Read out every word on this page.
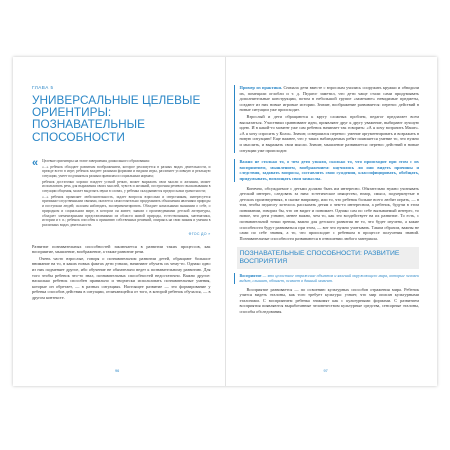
ГЛАВА 5
УНИВЕРСАЛЬНЫЕ ЦЕЛЕВЫЕ ОРИЕНТИРЫ: ПОЗНАВАТЕЛЬНЫЕ СПОСОБНОСТИ
« Целевые ориентиры на этапе завершения дошкольного образования:

«...» ребенок обладает развитым воображением, которое реализуется в разных видах деятельности, и прежде всего в игре; ребенок владеет разными формами и видами игры, различает условную и реальную ситуации, умеет подчиняться разным правилам и социальным нормам;

ребенок достаточно хорошо владеет устной речью, может выражать свои мысли и желания, может использовать речь для выражения своих мыслей, чувств и желаний, построения речевого высказывания в ситуации общения, может выделять звуки в словах, у ребенка складываются предпосылки грамотности;

«...» ребенок проявляет любознательность, задает вопросы взрослым и сверстникам, интересуется причинно-следственными связями, пытается самостоятельно придумывать объяснения явлениям природы и поступкам людей; склонен наблюдать, экспериментировать. Обладает начальными знаниями о себе, о природном и социальном мире, в котором он живет; знаком с произведениями детской литературы, обладает элементарными представлениями из области живой природы, естествознания, математики, истории и т. п.; ребенок способен к принятию собственных решений, опираясь на свои знания и умения в различных видах деятельности.

ФГОС ДО »

Развитие познавательных способностей заключается в развитии таких процессов, как восприятие, мышление, воображение, а также развитие речи.

Очень часто взрослые, говоря о познавательном развитии детей, обращают большое внимание на то, в каких новых фактах дети узнали, начинают обучать их чему-то. Однако одно из них подменяет другое, ибо обучение не обязательно ведет к познавательному развитию. Для того чтобы ребенок что-то знал, познавательных способностей недостаточно. Важно другое: насколько ребенок способен правильно и творчески использовать познавательные умения, которые он обретает, — в разных ситуациях. Настоящее развитие — это формирование у ребенка способов действия в ситуации, отличающейся от того, в которой ребенок обучался, — в другом контексте.

96

Пример из практики. Сначала дети вместе с взрослым учились сооружать кружки и обводили их, помещали оглобли и т. д. Педагог заметил, что дети чаще стали сами придумывать дополнительные конструкции, потом в небольшой группе «замечают» невидимые предметы, создают из них новые игровые истории. Значит, воображение развивается: перенос действий в новые ситуации уже происходит.

Взрослый и дети обращаются к кругу сложных проблем, педагог предлагает всем высказаться. Участники сравнивают идеи, проявляют друг к другу уважение, выбирают лучшую идею. И в какой-то момент уже сам ребенок начинает так говорить: «А я хочу возразить Маше». «А я хочу спросить у Коли». Значит, совершился перенос: умение аргументировать и возражать в новую ситуацию! Еще важнее, что у таких наблюдаемых ребят появляется умение то, что нужно и мыслить, и выражать свои мысли. Значит, мышление развивается: перенос действий в новые ситуации уже происходит.

Важно не столько то, о чем дети узнали, сколько то, что происходит при этом с их восприятием, мышлением, воображением: научились ли они видеть причины и следствия, задавать вопросы, составлять свои суждения, классифицировать, обобщать, придумывать, воплощать свои замыслы.

Конечно, обсуждаемое с детьми должно быть им интересно. Обязательно нужно учитывать детский интерес, следовать за ним: эстетическое изящество, юмор, смысл, подчеркнутые в детских произведениях, в сказке например, или то, что ребенок больше всего любит играть, — в том, чтобы педагогу хотелось рассказать детям о чем-то интересном, а ребенок, будучи в этом понимании, говорил бы, что он видит и понимает. Однако сам по себе вызываемый интерес, то новое, что дети узнают, менее важно, чем то, как это воздействует на их развитие. То есть, с познавательной точки зрения, важно для детского развития не то, что будет изучено, а какие способности будут развиваться при этом, — вот что нужно учитывать. Таким образом, важны не сами по себе знания, а то, что происходит с ребенком в процессе получения знаний. Познавательные способности развиваются в отношении любого материала.

ПОЗНАВАТЕЛЬНЫЕ СПОСОБНОСТИ: РАЗВИТИЕ ВОСПРИЯТИЯ
Восприятие — это целостное отражение объектов и явлений окружающего мира, которые человек видит, слышит, обоняет, осязает в данный момент.

Восприятие развивается — по освоению культурных способов отражения мира. Ребенок учится видеть эталоны, как того требует культура: узнает, что мир описан культурными эталонами. С восприятием ребенка знакомят как с культурными формами. С развитием восприятия появляются выработанные человечеством культурные средства, сенсорные эталоны, способы обследования.

97
